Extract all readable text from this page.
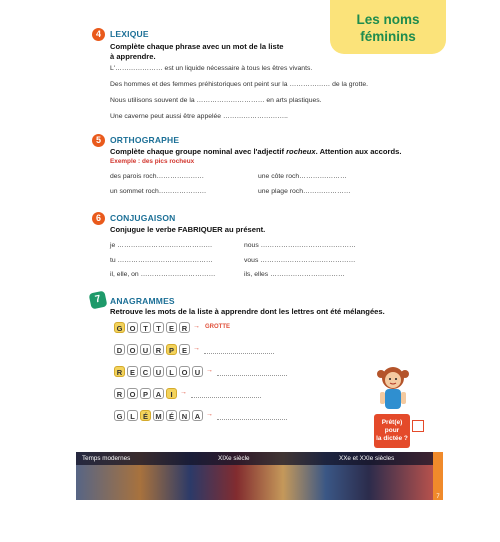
Les noms
féminins
4	LEXIQUE
Complète chaque phrase avec un mot de la liste
à apprendre.
L'………………… est un liquide nécessaire à tous les êtres vivants.
Des hommes et des femmes préhistoriques ont peint sur la ……………… de la grotte.
Nous utilisons souvent de la ………………………… en arts plastiques.
Une caverne peut aussi être appelée ………………………..
5	ORTHOGRAPHE
Complète chaque groupe nominal avec l'adjectif rocheux. Attention aux accords.
Exemple : des pics rocheux
des parois roch…………………	une côte roch…………………
un sommet roch…………………	une plage roch…………………
6	CONJUGAISON
Conjugue le verbe FABRIQUER au présent.
je ……………………………………	nous ……………………………………
tu ……………………………………	vous ……………………………………
il, elle, on ……………………………	ils, elles ……………………………
7 ANAGRAMMES
Retrouve les mots de la liste à apprendre dont les lettres ont été mélangées.
G O	T	T	E	R → GROTTE
D O U	R	P	E →
R	E	C	U	L	O U →
R O	P	A	I	→
G	L	É M É	N	A →
Prêt(e) pour
la dictée ?
Temps modernes	XIXe siècle	XXe et XXIe siècles
7
